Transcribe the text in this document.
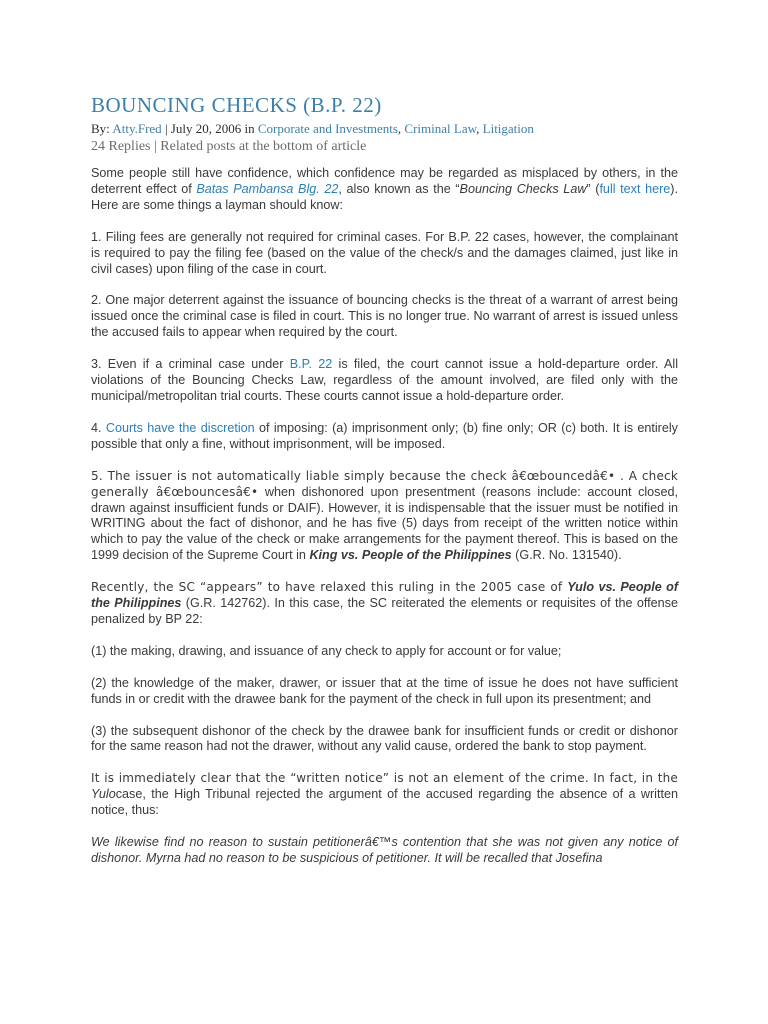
BOUNCING CHECKS (B.P. 22)
By: Atty.Fred | July 20, 2006 in Corporate and Investments, Criminal Law, Litigation
24 Replies | Related posts at the bottom of article

Some people still have confidence, which confidence may be regarded as misplaced by others, in the deterrent effect of Batas Pambansa Blg. 22, also known as the “Bouncing Checks Law” (full text here). Here are some things a layman should know:

1. Filing fees are generally not required for criminal cases. For B.P. 22 cases, however, the complainant is required to pay the filing fee (based on the value of the check/s and the damages claimed, just like in civil cases) upon filing of the case in court.

2. One major deterrent against the issuance of bouncing checks is the threat of a warrant of arrest being issued once the criminal case is filed in court. This is no longer true. No warrant of arrest is issued unless the accused fails to appear when required by the court.

3. Even if a criminal case under B.P. 22 is filed, the court cannot issue a hold-departure order. All violations of the Bouncing Checks Law, regardless of the amount involved, are filed only with the municipal/metropolitan trial courts. These courts cannot issue a hold-departure order.

4. Courts have the discretion of imposing: (a) imprisonment only; (b) fine only; OR (c) both. It is entirely possible that only a fine, without imprisonment, will be imposed.

5. The issuer is not automatically liable simply because the check â€œbouncedâ€• . A check generally â€œbouncesâ€• when dishonored upon presentment (reasons include: account closed, drawn against insufficient funds or DAIF). However, it is indispensable that the issuer must be notified in WRITING about the fact of dishonor, and he has five (5) days from receipt of the written notice within which to pay the value of the check or make arrangements for the payment thereof. This is based on the 1999 decision of the Supreme Court in King vs. People of the Philippines (G.R. No. 131540).

Recently, the SC “appears” to have relaxed this ruling in the 2005 case of Yulo vs. People of the Philippines (G.R. 142762). In this case, the SC reiterated the elements or requisites of the offense penalized by BP 22:

(1) the making, drawing, and issuance of any check to apply for account or for value;

(2) the knowledge of the maker, drawer, or issuer that at the time of issue he does not have sufficient funds in or credit with the drawee bank for the payment of the check in full upon its presentment; and

(3) the subsequent dishonor of the check by the drawee bank for insufficient funds or credit or dishonor for the same reason had not the drawer, without any valid cause, ordered the bank to stop payment.

It is immediately clear that the “written notice” is not an element of the crime. In fact, in the Yulocase, the High Tribunal rejected the argument of the accused regarding the absence of a written notice, thus:

We likewise find no reason to sustain petitionerâ€™s contention that she was not given any notice of dishonor. Myrna had no reason to be suspicious of petitioner. It will be recalled that Josefina
